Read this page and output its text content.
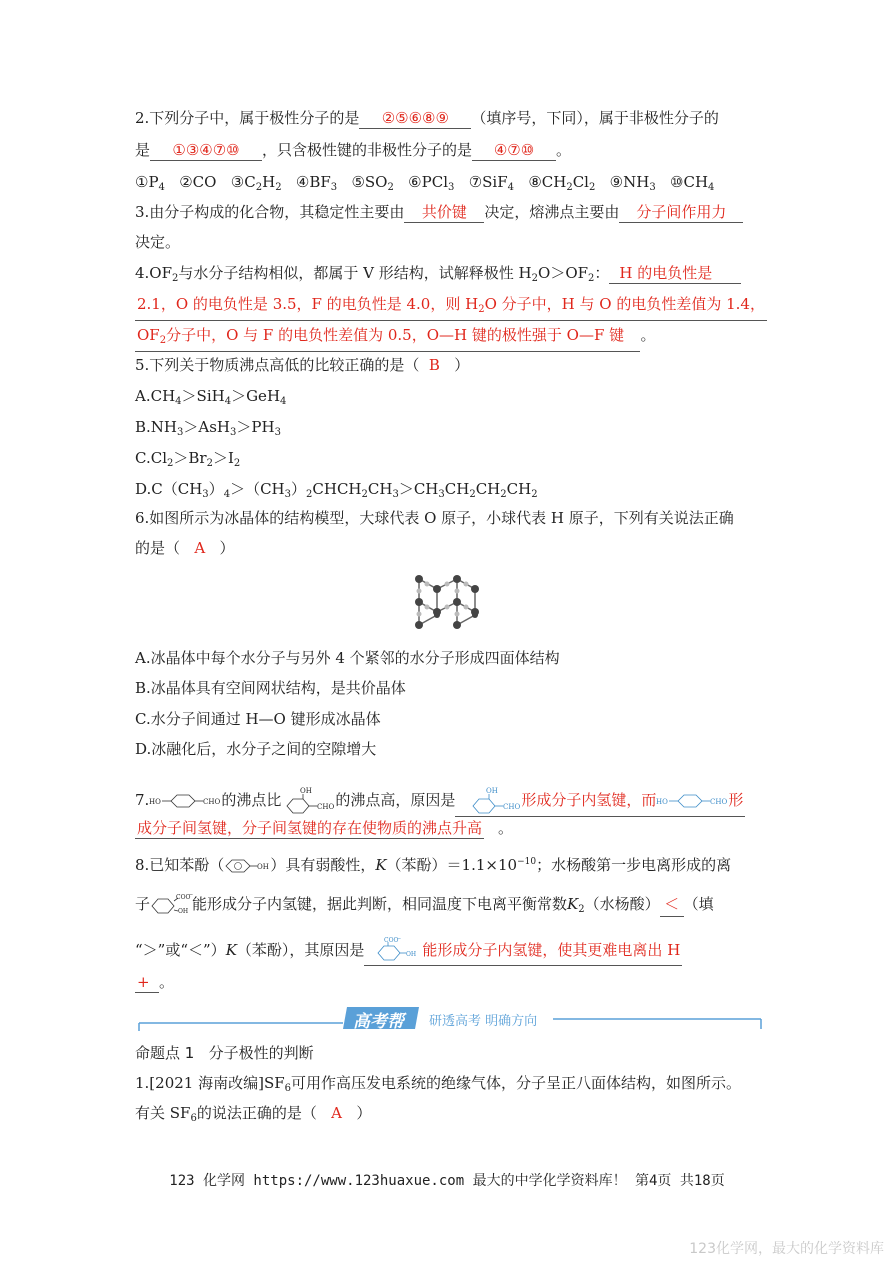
2.下列分子中，属于极性分子的是 ②⑤⑥⑧⑨ （填序号，下同），属于非极性分子的
是 ①③④⑦⑩ ，只含极性键的非极性分子的是 ④⑦⑩ 。
$①P_4$ ②CO $③C_2H_2$ $④BF_3$ $⑤SO_2$ ⑥PCl$_3$ ⑦SiF$_4$ $⑧CH_2Cl_2$ $⑨NH_3$ $⑩CH_4$
3.由分子构成的化合物，其稳定性主要由 共价键 决定，熔沸点主要由 分子间作用力
决定。
$4.OF_2$与水分子结构相似，都属于 V 形结构，试解释极性 $H_2O>OF_2$： H 的电负性是
2.1，O 的电负性是 3.5，F 的电负性是 4.0，则 $H_2O$ 分子中，H 与 O 的电负性差值为 1.4，
$OF_2$分子中，O 与 F 的电负性差值为 0.5，O—H 键的极性强于 O—F 键 。
5.下列关于物质沸点高低的比较正确的是（ B ）
$A.CH_4>SiH_4>GeH_4$
$B.NH_3>AsH_3>PH_3$
$C.Cl_2>Br_2>I_2$
$D.C(CH_3)_4>(CH_3)_2CHCH_2CH_3>CH_3CH_2CH_2CH_2$
6.如图所示为冰晶体的结构模型，大球代表 O 原子，小球代表 H 原子，下列有关说法正确
的是（ A ）
A.冰晶体中每个水分子与另外 4 个紧邻的水分子形成四面体结构
B.冰晶体具有空间网状结构，是共价晶体
C.水分子间通过 H—O 键形成冰晶体
D.冰融化后，水分子之间的空隙增大
7. HO	CHO 的沸点比	OH
CHO 的沸点高，原因是	OH
CHO 形成分子内氢键，而 HO	CHO 形
成分子间氢键，分子间氢键的存在使物质的沸点升高 。
8.已知苯酚（	OH ）具有弱酸性，K（苯酚）$=1.1\times 10^{-10}$；水杨酸第一步电离形成的离
子	COO
−
OH 能形成分子内氢键，据此判断，相同温度下电离平衡常数$K_2$（水杨酸） ＜ （填
“＞”或“＜”）K（苯酚），其原因是
COO
−
OH 能形成分子内氢键，使其更难电离出 H
+ 。
高考帮 研透高考 明确方向
命题点 1 分子极性的判断
1.[2021 海南改编]$SF_6$可用作高压发电系统的绝缘气体，分子呈正八面体结构，如图所示。
有关 $SF_6$的说法正确的是（ A ）
123 化学网 https://www.123huaxue.com 最大的中学化学资料库！ 第4页 共18页
123化学网，最大的化学资料库
